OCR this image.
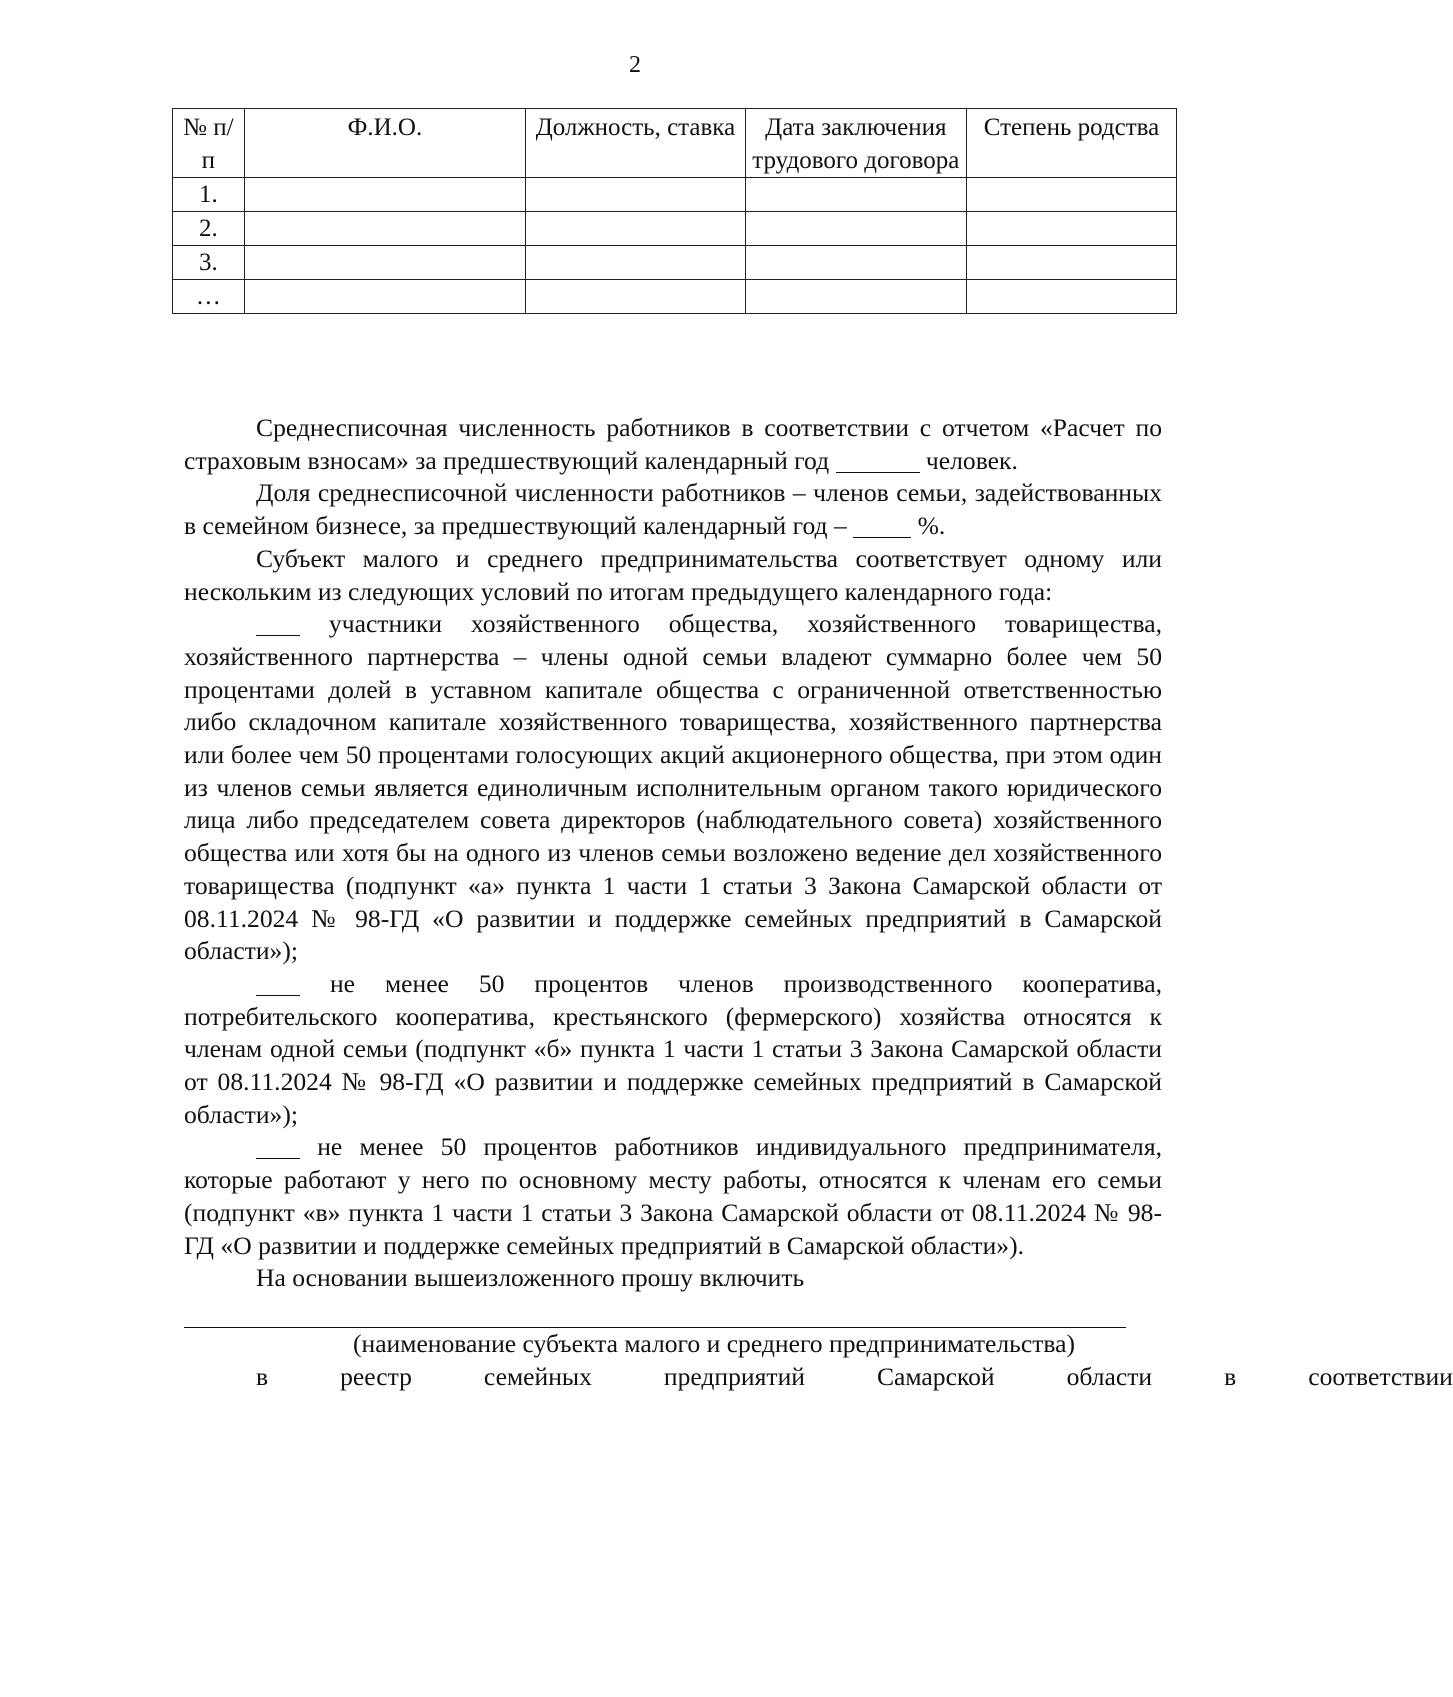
2
№ п/п	Ф.И.О.	Должность, ставка	Дата заключения трудового договора	Степень родства
1.				
2.				
3.				
…				

Среднесписочная численность работников в соответствии с отчетом «Расчет по страховым взносам» за предшествующий календарный год	человек.

Доля среднесписочной численности работников – членов семьи, задействованных в семейном бизнесе, за предшествующий календарный год –	%.

Субъект малого и среднего предпринимательства соответствует одному или нескольким из следующих условий по итогам предыдущего календарного года:

участники хозяйственного общества, хозяйственного товарищества, хозяйственного партнерства – члены одной семьи владеют суммарно более чем 50 процентами долей в уставном капитале общества с ограниченной ответственностью либо складочном капитале хозяйственного товарищества, хозяйственного партнерства или более чем 50 процентами голосующих акций акционерного общества, при этом один из членов семьи является единоличным исполнительным органом такого юридического лица либо председателем совета директоров (наблюдательного совета) хозяйственного общества или хотя бы на одного из членов семьи возложено ведение дел хозяйственного товарищества (подпункт «а» пункта 1 части 1 статьи 3 Закона Самарской области от 08.11.2024 № 98-ГД «О развитии и поддержке семейных предприятий в Самарской области»);

не менее 50 процентов членов производственного кооператива, потребительского кооператива, крестьянского (фермерского) хозяйства относятся к членам одной семьи (подпункт «б» пункта 1 части 1 статьи 3 Закона Самарской области от 08.11.2024 № 98-ГД «О развитии и поддержке семейных предприятий в Самарской области»);

не менее 50 процентов работников индивидуального предпринимателя, которые работают у него по основному месту работы, относятся к членам его семьи (подпункт «в» пункта 1 части 1 статьи 3 Закона Самарской области от 08.11.2024 № 98-ГД «О развитии и поддержке семейных предприятий в Самарской области»).

На основании вышеизложенного прошу включить

(наименование субъекта малого и среднего предпринимательства)

в	реестр	семейных	предприятий	Самарской	области	в	соответствии
